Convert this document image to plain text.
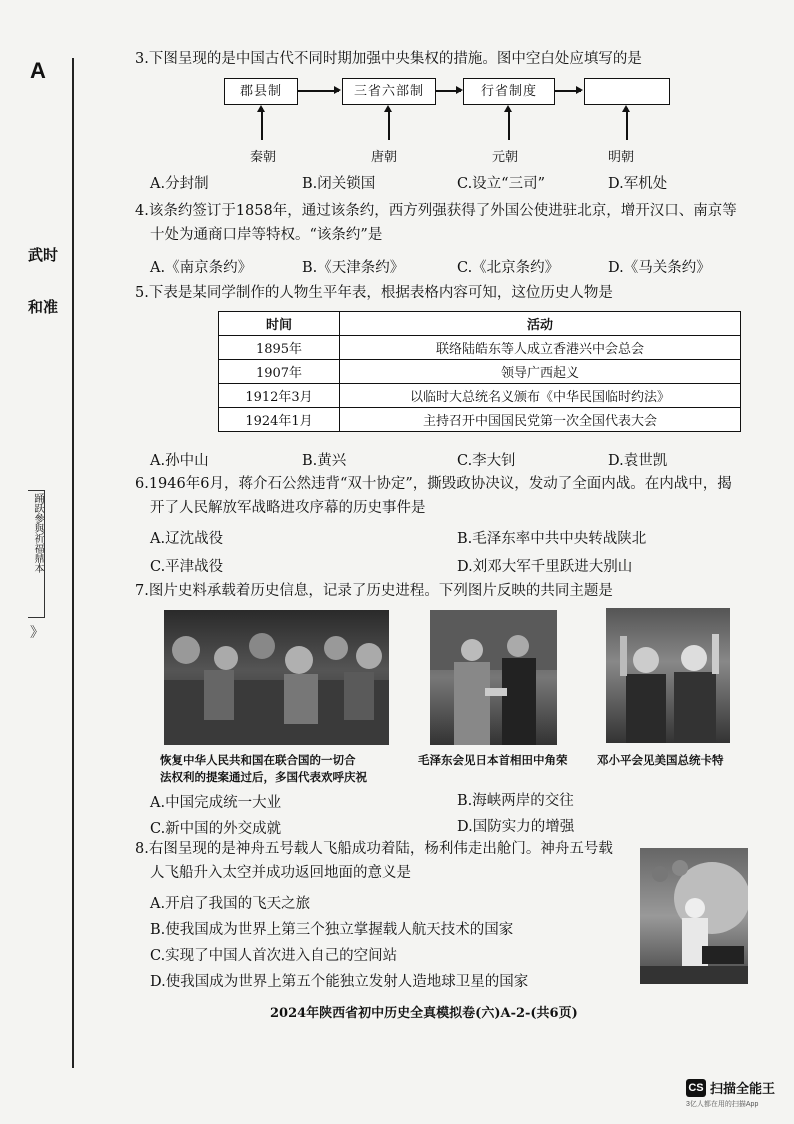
A
武时
和准
踊跃參與祈福鼎本
》
3.下图呈现的是中国古代不同时期加强中央集权的措施。图中空白处应填写的是
郡县制	三省六部制	行省制度
秦朝	唐朝	元朝	明朝
A.分封制	B.闭关锁国	C.设立“三司”	D.军机处
4.该条约签订于1858年，通过该条约，西方列强获得了外国公使进驻北京，增开汉口、南京等
十处为通商口岸等特权。“该条约”是
A.《南京条约》	B.《天津条约》	C.《北京条约》	D.《马关条约》
5.下表是某同学制作的人物生平年表，根据表格内容可知，这位历史人物是
时间	活动
1895年	联络陆皓东等人成立香港兴中会总会
1907年	领导广西起义
1912年3月	以临时大总统名义颁布《中华民国临时约法》
1924年1月	主持召开中国国民党第一次全国代表大会
A.孙中山	B.黄兴	C.李大钊	D.袁世凯
6.1946年6月，蒋介石公然违背“双十协定”，撕毁政协决议，发动了全面内战。在内战中，揭
开了人民解放军战略进攻序幕的历史事件是
A.辽沈战役	B.毛泽东率中共中央转战陕北
C.平津战役	D.刘邓大军千里跃进大别山
7.图片史料承载着历史信息，记录了历史进程。下列图片反映的共同主题是
恢复中华人民共和国在联合国的一切合
法权利的提案通过后，多国代表欢呼庆祝
毛泽东会见日本首相田中角荣	邓小平会见美国总统卡特
A.中国完成统一大业	B.海峡两岸的交往
C.新中国的外交成就	D.国防实力的增强
8.右图呈现的是神舟五号载人飞船成功着陆，杨利伟走出舱门。神舟五号载
人飞船升入太空并成功返回地面的意义是
A.开启了我国的飞天之旅
B.使我国成为世界上第三个独立掌握载人航天技术的国家
C.实现了中国人首次进入自己的空间站
D.使我国成为世界上第五个能独立发射人造地球卫星的国家
2024年陕西省初中历史全真模拟卷(六)A-2-(共6页)
CS 扫描全能王
3亿人都在用的扫描App
